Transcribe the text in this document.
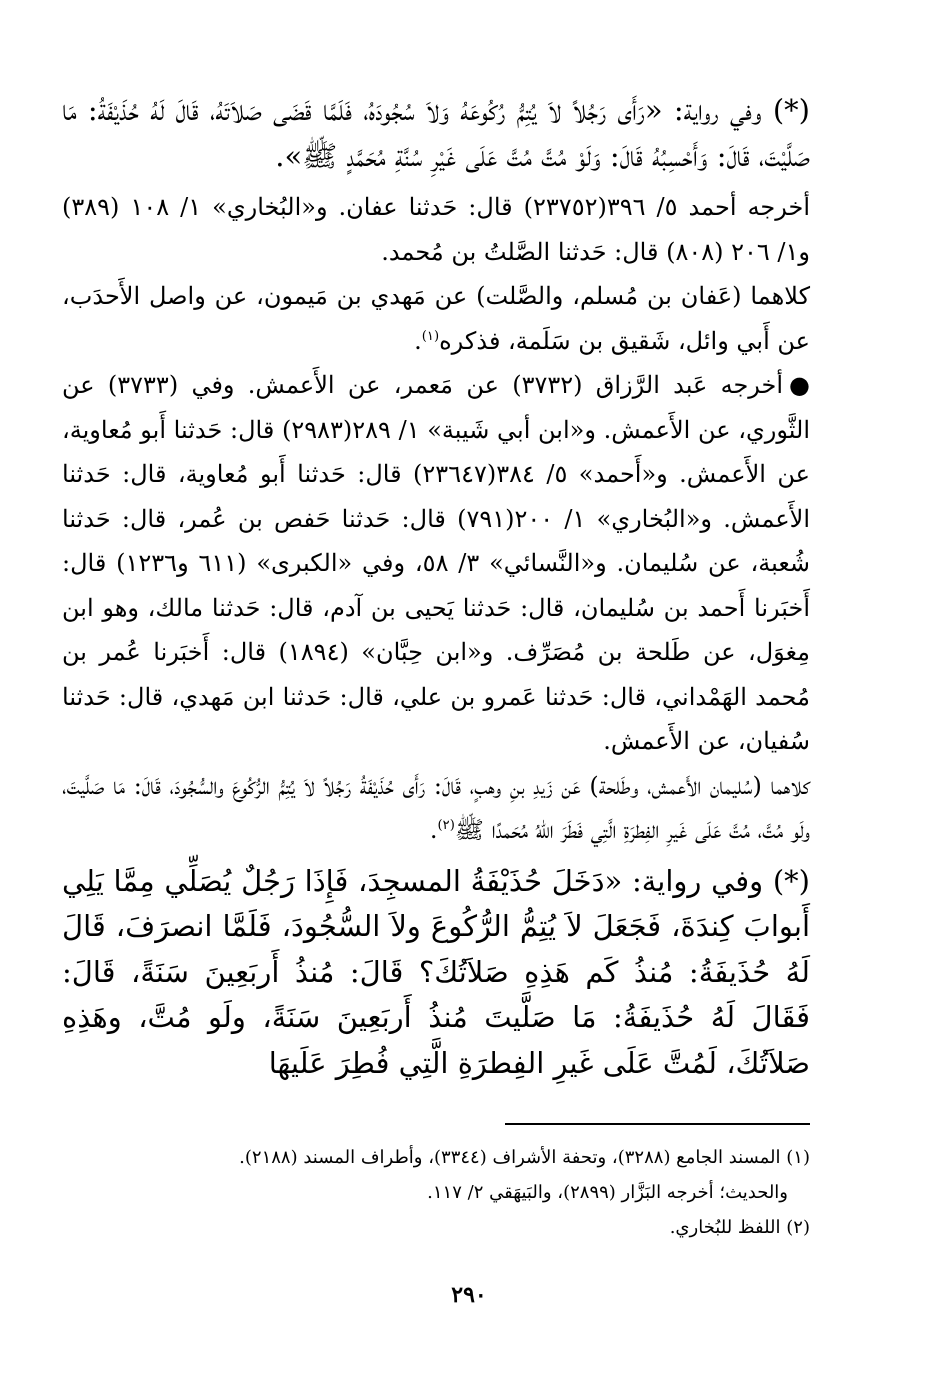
(*) وفي رواية: «رَأَى رَجُلاً لاَ يُتِمُّ رُكُوعَهُ وَلاَ سُجُودَهُ، فَلَمَّا قَضَى صَلاَتَهُ، قَالَ لَهُ حُذَيْفَةُ: مَا صَلَّيْتَ، قَالَ: وَأَحْسِبُهُ قَالَ: وَلَوْ مُتَّ مُتَّ عَلَى غَيْرِ سُنَّةِ مُحَمَّدٍ ﷺ».

أخرجه أحمد ٥/ ٣٩٦(٢٣٧٥٢) قال: حَدثنا عفان. و«البُخاري» ١/ ١٠٨ (٣٨٩) و١/ ٢٠٦ (٨٠٨) قال: حَدثنا الصَّلتُ بن مُحمد.

كلاهما (عَفان بن مُسلم، والصَّلت) عن مَهدي بن مَيمون، عن واصل الأَحدَب، عن أَبي وائل، شَقيق بن سَلَمة، فذكره$^{(١)}$.

●أخرجه عَبد الرَّزاق (٣٧٣٢) عن مَعمر، عن الأَعمش. وفي (٣٧٣٣) عن الثَّوري، عن الأَعمش. و«ابن أبي شَيبة» ١/ ٢٨٩(٢٩٨٣) قال: حَدثنا أَبو مُعاوية، عن الأَعمش. و«أَحمد» ٥/ ٣٨٤(٢٣٦٤٧) قال: حَدثنا أَبو مُعاوية، قال: حَدثنا الأَعمش. و«البُخاري» ١/ ٢٠٠(٧٩١) قال: حَدثنا حَفص بن عُمر، قال: حَدثنا شُعبة، عن سُليمان. و«النَّسائي» ٣/ ٥٨، وفي «الكبرى» (٦١١ و١٢٣٦) قال: أَخبَرنا أَحمد بن سُليمان، قال: حَدثنا يَحيى بن آدم، قال: حَدثنا مالك، وهو ابن مِغوَل، عن طَلحة بن مُصَرِّف. و«ابن حِبَّان» (١٨٩٤) قال: أَخبَرنا عُمر بن مُحمد الهَمْداني، قال: حَدثنا عَمرو بن علي، قال: حَدثنا ابن مَهدي، قال: حَدثنا سُفيان، عن الأَعمش.

كلاهما (سُليمان الأَعمش، وطَلحة) عَن زَيدِ بنِ وهبٍ، قَالَ: رَأَى حُذَيْفَةُ رَجُلاً لاَ يُتِمُّ الرُّكُوعَ والسُّجُودَ، قَالَ: مَا صَلَّيتَ، ولَو مُتَّ، مُتَّ عَلَى غَيرِ الفِطرَةِ الَّتِي فَطَرَ اللهُ مُحَمدًا ﷺ$^{(٢)}$.

(*) وفي رواية: «دَخَلَ حُذَيْفَةُ المسجِدَ، فَإِذَا رَجُلٌ يُصَلِّي مِمَّا يَلِي أَبوابَ كِندَةَ، فَجَعَلَ لاَ يُتِمُّ الرُّكُوعَ ولاَ السُّجُودَ، فَلَمَّا انصرَفَ، قَالَ لَهُ حُذَيفَةُ: مُنذُ كَم هَذِهِ صَلاَتُكَ؟ قَالَ: مُنذُ أَربَعِينَ سَنَةً، قَالَ: فَقَالَ لَهُ حُذَيفَةُ: مَا صَلَّيتَ مُنذُ أَربَعِينَ سَنَةً، ولَو مُتَّ، وهَذِهِ صَلاَتُكَ، لَمُتَّ عَلَى غَيرِ الفِطرَةِ الَّتِي فُطِرَ عَلَيهَا

(١) المسند الجامع (٣٢٨٨)، وتحفة الأشراف (٣٣٤٤)، وأطراف المسند (٢١٨٨).

والحديث؛ أخرجه البَزَّار (٢٨٩٩)، والبَيهَقي ٢/ ١١٧.

(٢) اللفظ للبُخاري.

٢٩٠
